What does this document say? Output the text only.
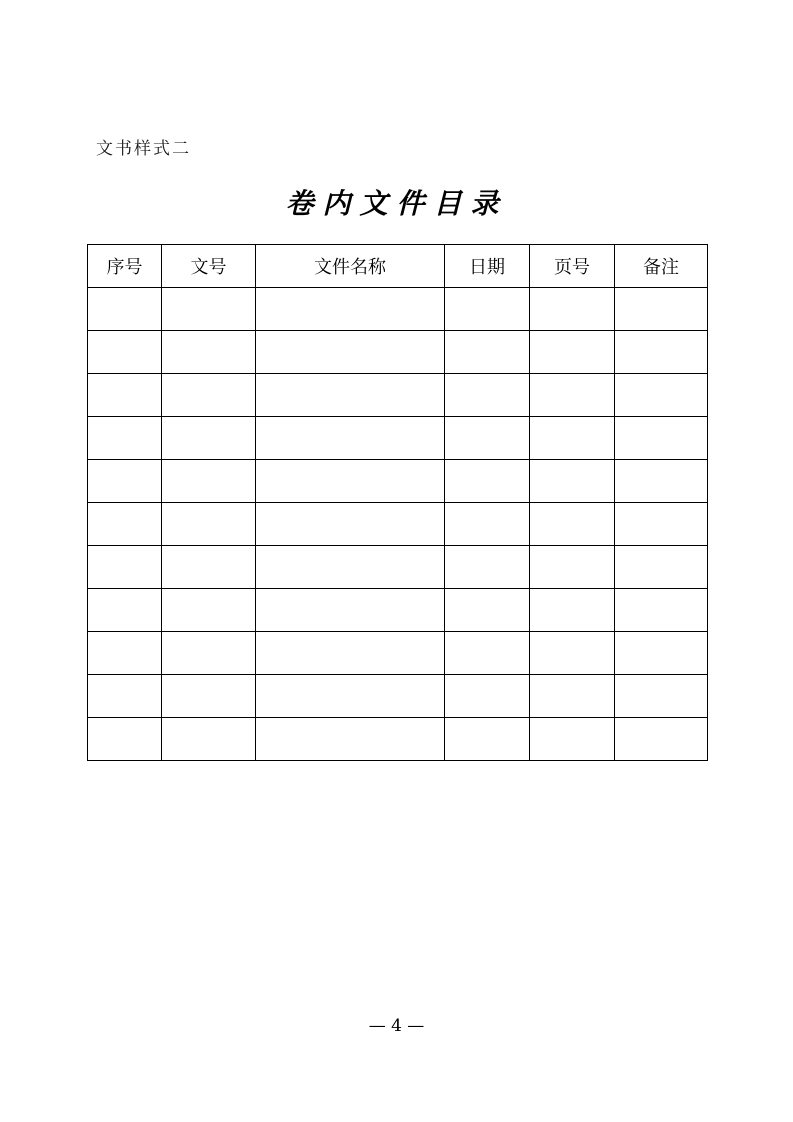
文书样式二
卷内文件目录
序号	文号	文件名称	日期	页号	备注

— 4 —
